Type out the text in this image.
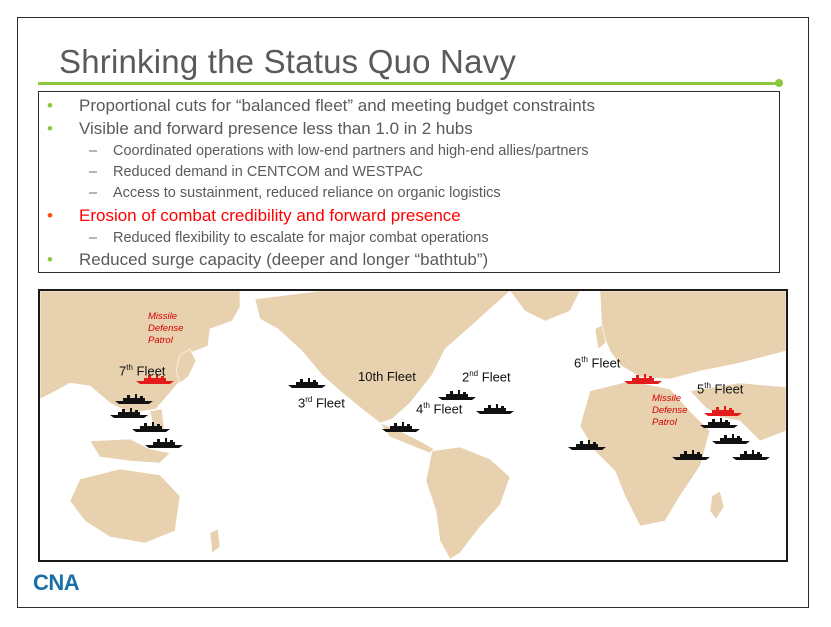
Shrinking the Status Quo Navy
• Proportional cuts for “balanced fleet” and meeting budget constraints
• Visible and forward presence less than 1.0 in 2 hubs
– Coordinated operations with low-end partners and high-end allies/partners
– Reduced demand in CENTCOM and WESTPAC
– Access to sustainment, reduced reliance on organic logistics
• Erosion of combat credibility and forward presence
– Reduced flexibility to escalate for major combat operations
• Reduced surge capacity (deeper and longer “bathtub”)
Missile
Defense
Patrol
Missile
Defense
Patrol
7th Fleet
3rd Fleet
10th Fleet	2nd Fleet
4th Fleet
6th Fleet
5th Fleet
CNA
